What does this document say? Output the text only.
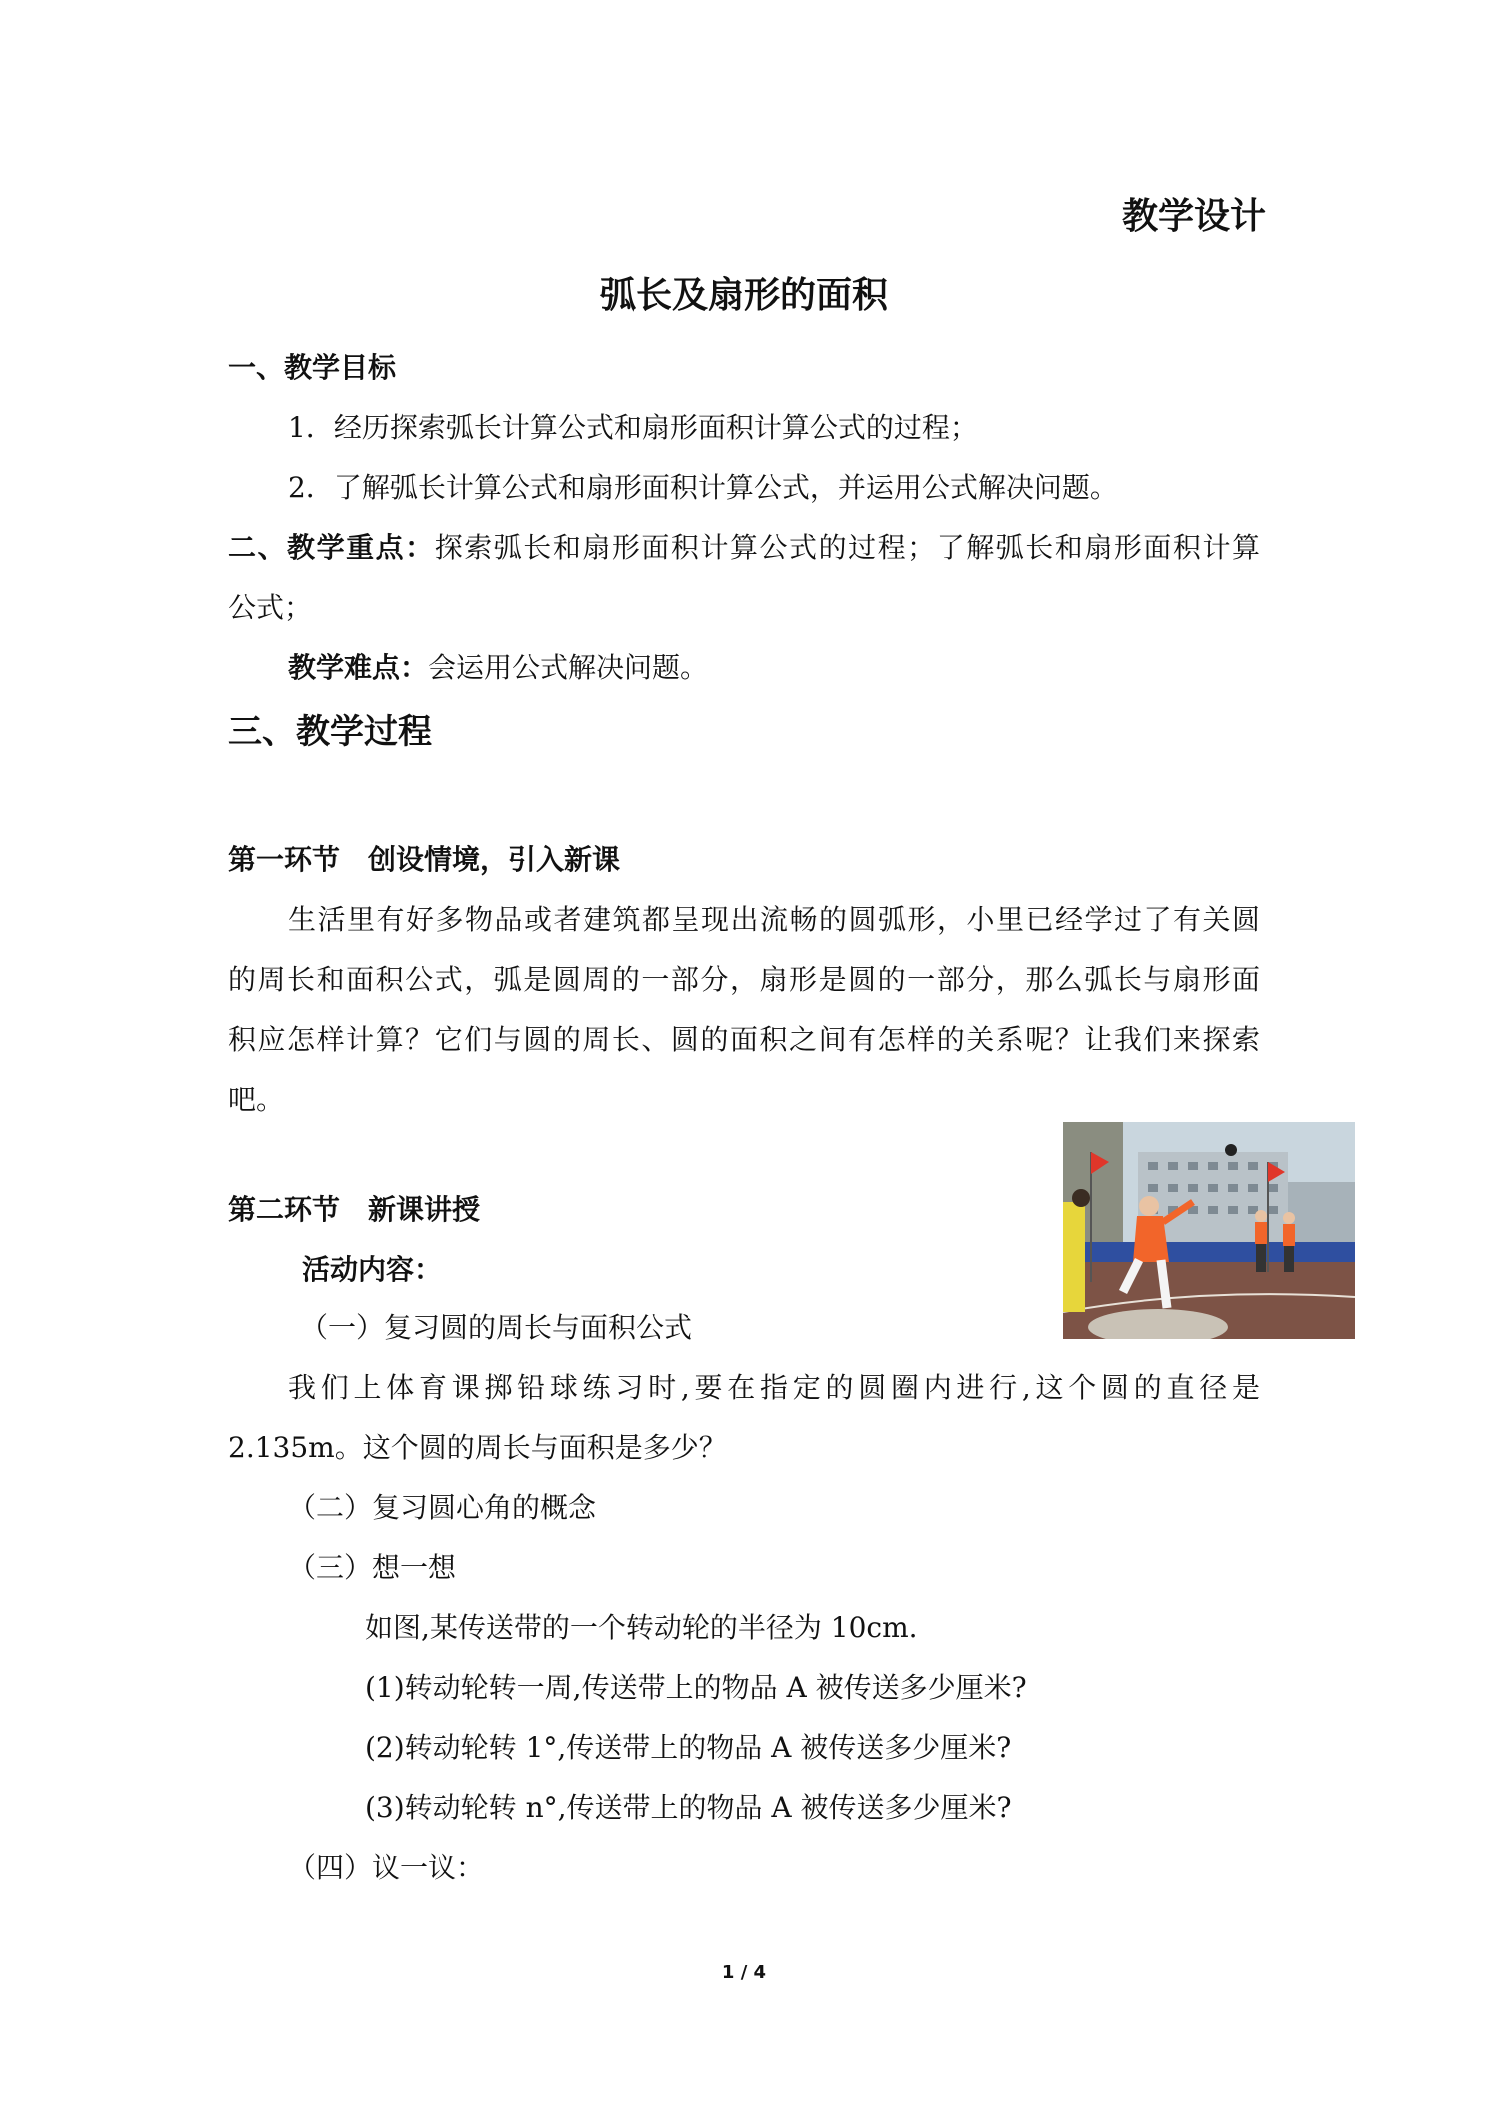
教学设计
弧长及扇形的面积
一、教学目标
1．经历探索弧长计算公式和扇形面积计算公式的过程；
2．了解弧长计算公式和扇形面积计算公式，并运用公式解决问题。
二、教学重点：探索弧长和扇形面积计算公式的过程；了解弧长和扇形面积计算
公式；
教学难点：会运用公式解决问题。
三、教学过程
第一环节　创设情境，引入新课
生活里有好多物品或者建筑都呈现出流畅的圆弧形，小里已经学过了有关圆
的周长和面积公式，弧是圆周的一部分，扇形是圆的一部分，那么弧长与扇形面
积应怎样计算？它们与圆的周长、圆的面积之间有怎样的关系呢？让我们来探索
吧。
第二环节　新课讲授
活动内容：
（一）复习圆的周长与面积公式
我们上体育课掷铅球练习时,要在指定的圆圈内进行,这个圆的直径是
2.135m。这个圆的周长与面积是多少？
（二）复习圆心角的概念
（三）想一想
如图,某传送带的一个转动轮的半径为 10cm.
(1)转动轮转一周,传送带上的物品 A 被传送多少厘米?
(2)转动轮转 1°,传送带上的物品 A 被传送多少厘米?
(3)转动轮转 n°,传送带上的物品 A 被传送多少厘米?
（四）议一议：
1 / 4
